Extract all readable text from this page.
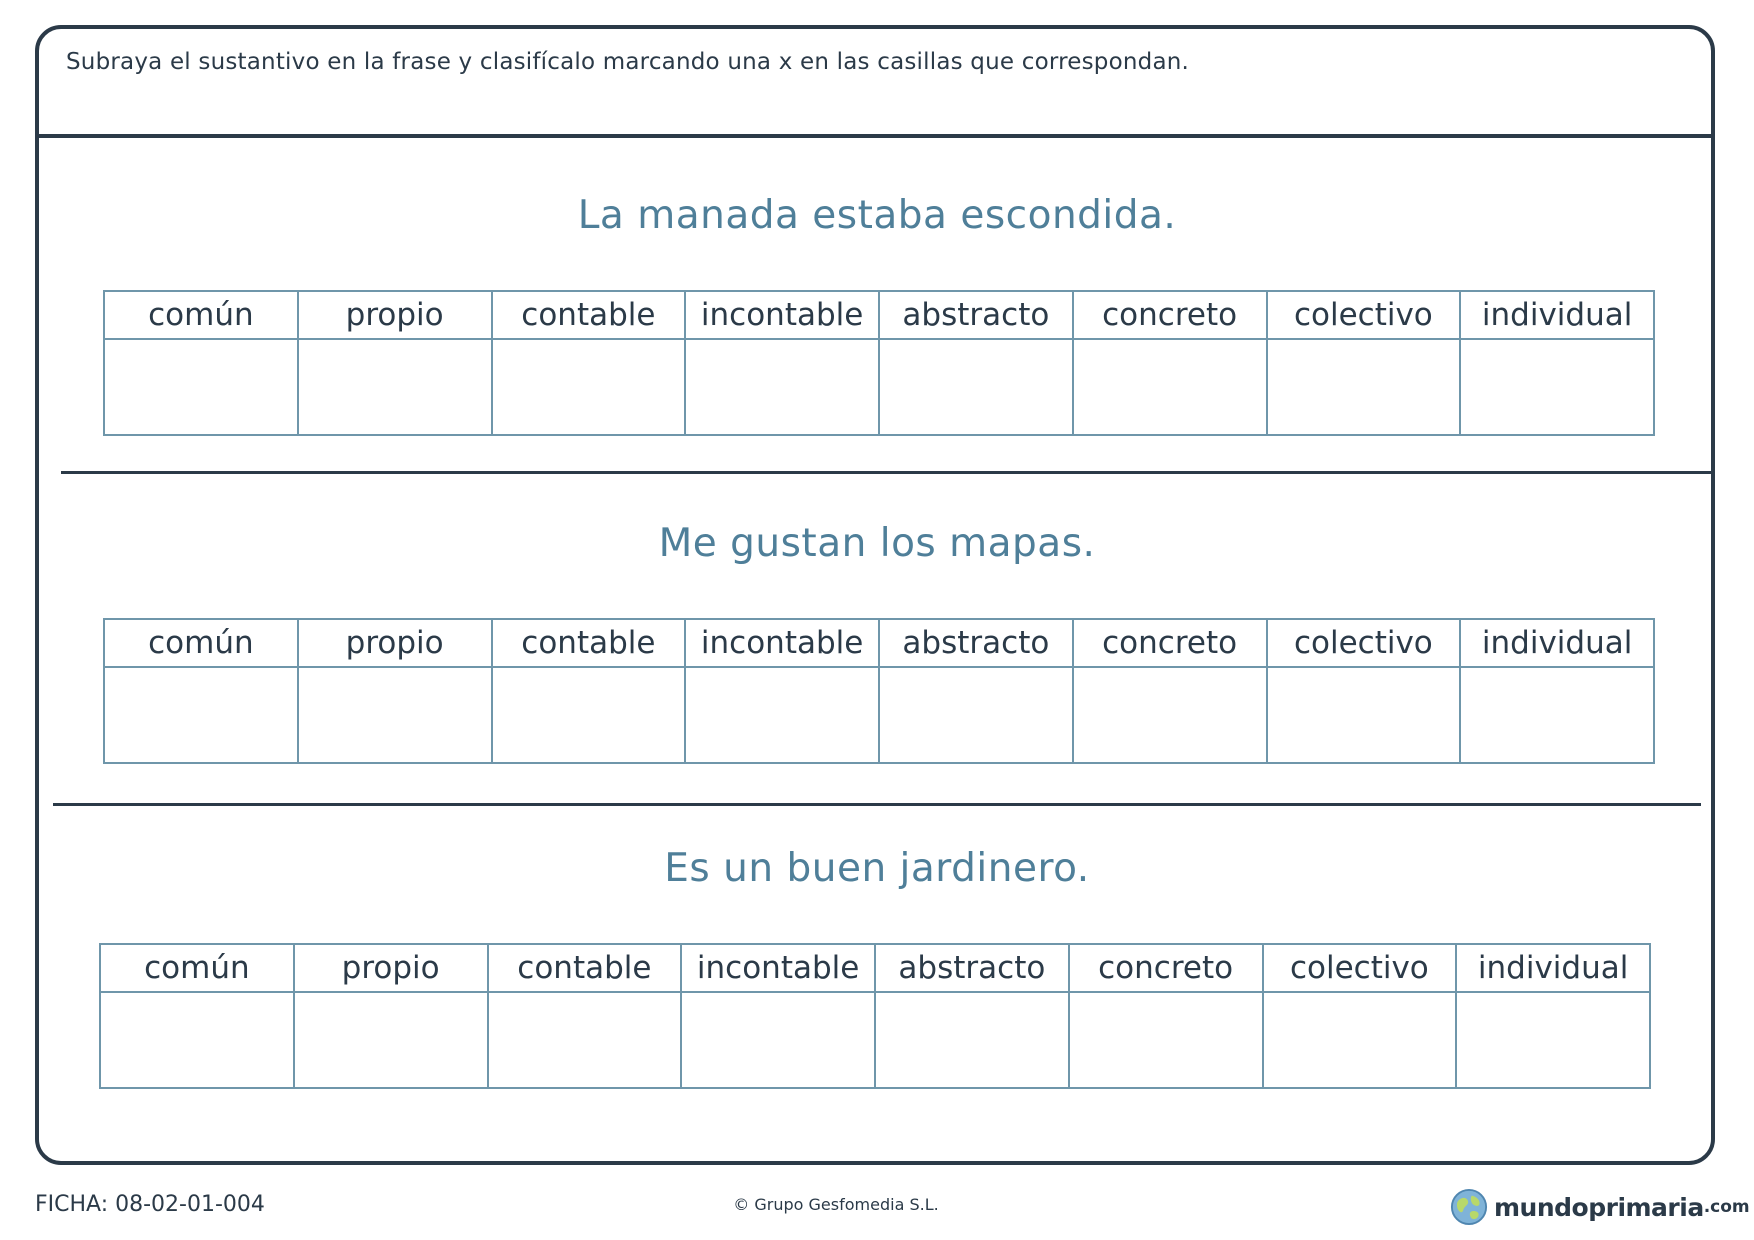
Subraya el sustantivo en la frase y clasifícalo marcando una x en las casillas que correspondan.
La manada estaba escondida.
común	propio	contable	incontable	abstracto	concreto	colectivo	individual

Me gustan los mapas.
común	propio	contable	incontable	abstracto	concreto	colectivo	individual

Es un buen jardinero.
común	propio	contable	incontable	abstracto	concreto	colectivo	individual

FICHA: 08-02-01-004	© Grupo Gesfomedia S.L.	mundoprimaria .com
